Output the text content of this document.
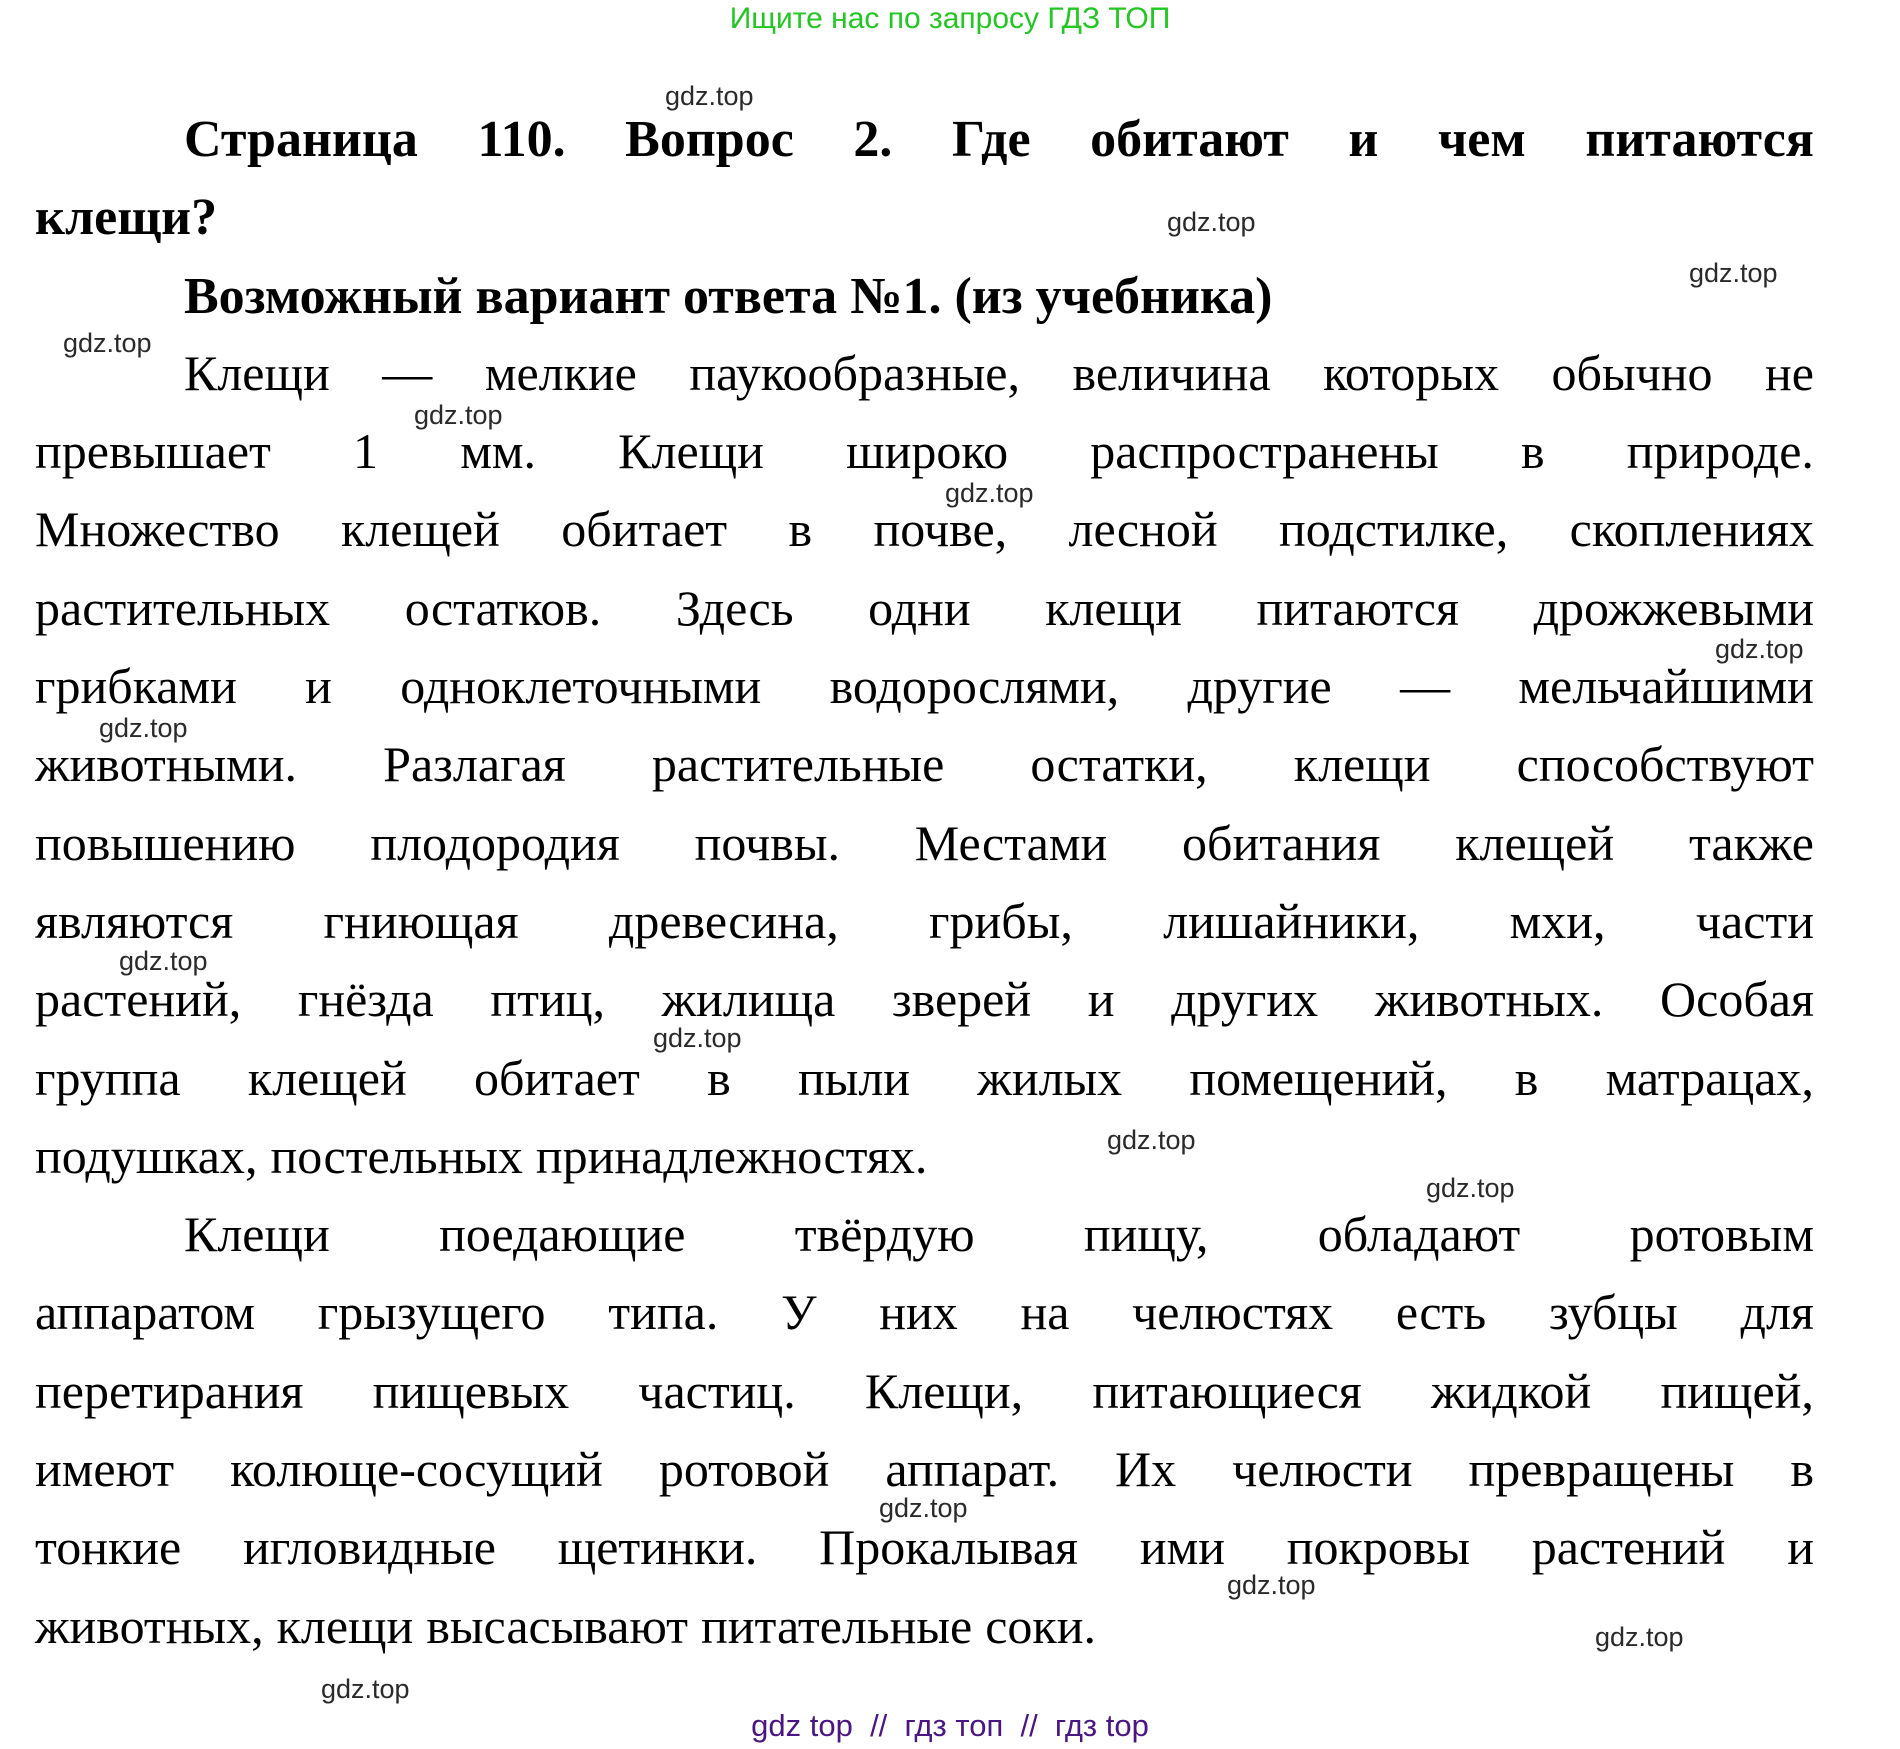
Ищите нас по запросу ГДЗ ТОП
Страница 110. Вопрос 2. Где обитают и чем питаются
клещи?
Возможный вариант ответа №1. (из учебника)
Клещи — мелкие паукообразные, величина которых обычно не
превышает 1 мм. Клещи широко распространены в природе.
Множество клещей обитает в почве, лесной подстилке, скоплениях
растительных остатков. Здесь одни клещи питаются дрожжевыми
грибками и одноклеточными водорослями, другие — мельчайшими
животными. Разлагая растительные остатки, клещи способствуют
повышению плодородия почвы. Местами обитания клещей также
являются гниющая древесина, грибы, лишайники, мхи, части
растений, гнёзда птиц, жилища зверей и других животных. Особая
группа клещей обитает в пыли жилых помещений, в матрацах,
подушках, постельных принадлежностях.
Клещи поедающие твёрдую пищу, обладают ротовым
аппаратом грызущего типа. У них на челюстях есть зубцы для
перетирания пищевых частиц. Клещи, питающиеся жидкой пищей,
имеют колюще-сосущий ротовой аппарат. Их челюсти превращены в
тонкие игловидные щетинки. Прокалывая ими покровы растений и
животных, клещи высасывают питательные соки.
gdz.top
gdz.top
gdz.top
gdz.top
gdz.top
gdz.top
gdz.top
gdz.top
gdz.top
gdz.top
gdz.top
gdz.top
gdz.top
gdz.top
gdz.top
gdz.top
gdz top  //  гдз топ  //  гдз top
